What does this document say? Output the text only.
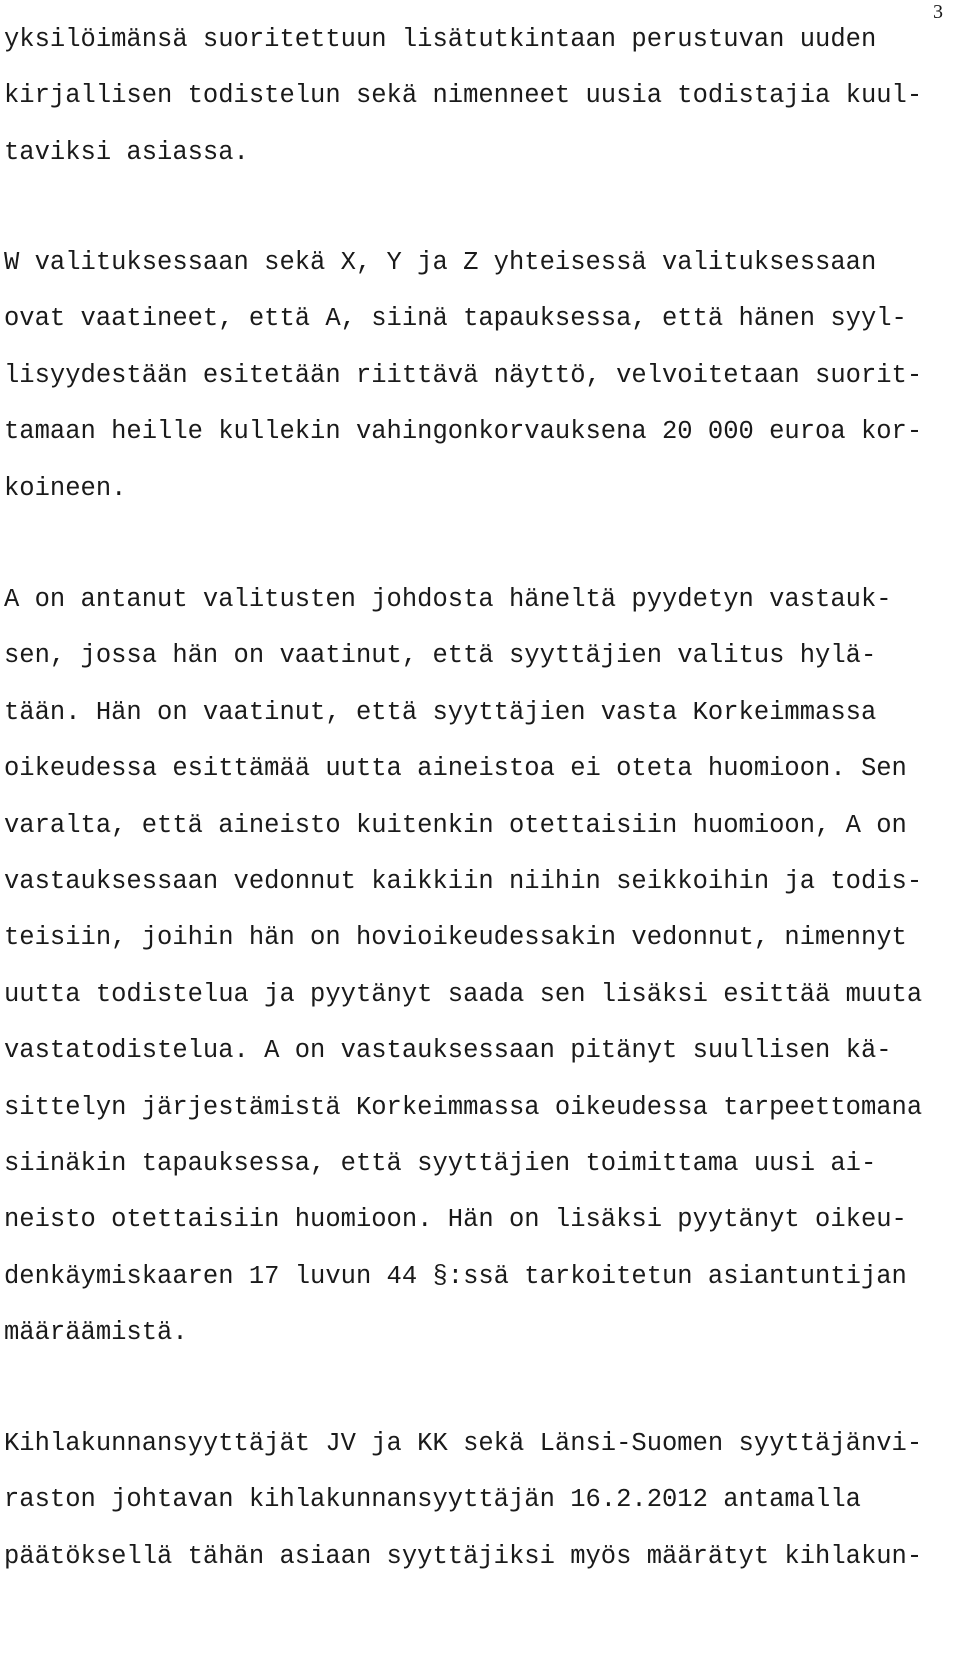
3
yksilöimänsä suoritettuun lisätutkintaan perustuvan uuden
kirjallisen todistelun sekä nimenneet uusia todistajia kuul-
taviksi asiassa.
W valituksessaan sekä X, Y ja Z yhteisessä valituksessaan
ovat vaatineet, että A, siinä tapauksessa, että hänen syyl-
lisyydestään esitetään riittävä näyttö, velvoitetaan suorit-
tamaan heille kullekin vahingonkorvauksena 20 000 euroa kor-
koineen.
A on antanut valitusten johdosta häneltä pyydetyn vastauk-
sen, jossa hän on vaatinut, että syyttäjien valitus hylä-
tään. Hän on vaatinut, että syyttäjien vasta Korkeimmassa
oikeudessa esittämää uutta aineistoa ei oteta huomioon. Sen
varalta, että aineisto kuitenkin otettaisiin huomioon, A on
vastauksessaan vedonnut kaikkiin niihin seikkoihin ja todis-
teisiin, joihin hän on hovioikeudessakin vedonnut, nimennyt
uutta todistelua ja pyytänyt saada sen lisäksi esittää muuta
vastatodistelua. A on vastauksessaan pitänyt suullisen kä-
sittelyn järjestämistä Korkeimmassa oikeudessa tarpeettomana
siinäkin tapauksessa, että syyttäjien toimittama uusi ai-
neisto otettaisiin huomioon. Hän on lisäksi pyytänyt oikeu-
denkäymiskaaren 17 luvun 44 §:ssä tarkoitetun asiantuntijan
määräämistä.
Kihlakunnansyyttäjät JV ja KK sekä Länsi-Suomen syyttäjänvi-
raston johtavan kihlakunnansyyttäjän 16.2.2012 antamalla
päätöksellä tähän asiaan syyttäjiksi myös määrätyt kihlakun-
